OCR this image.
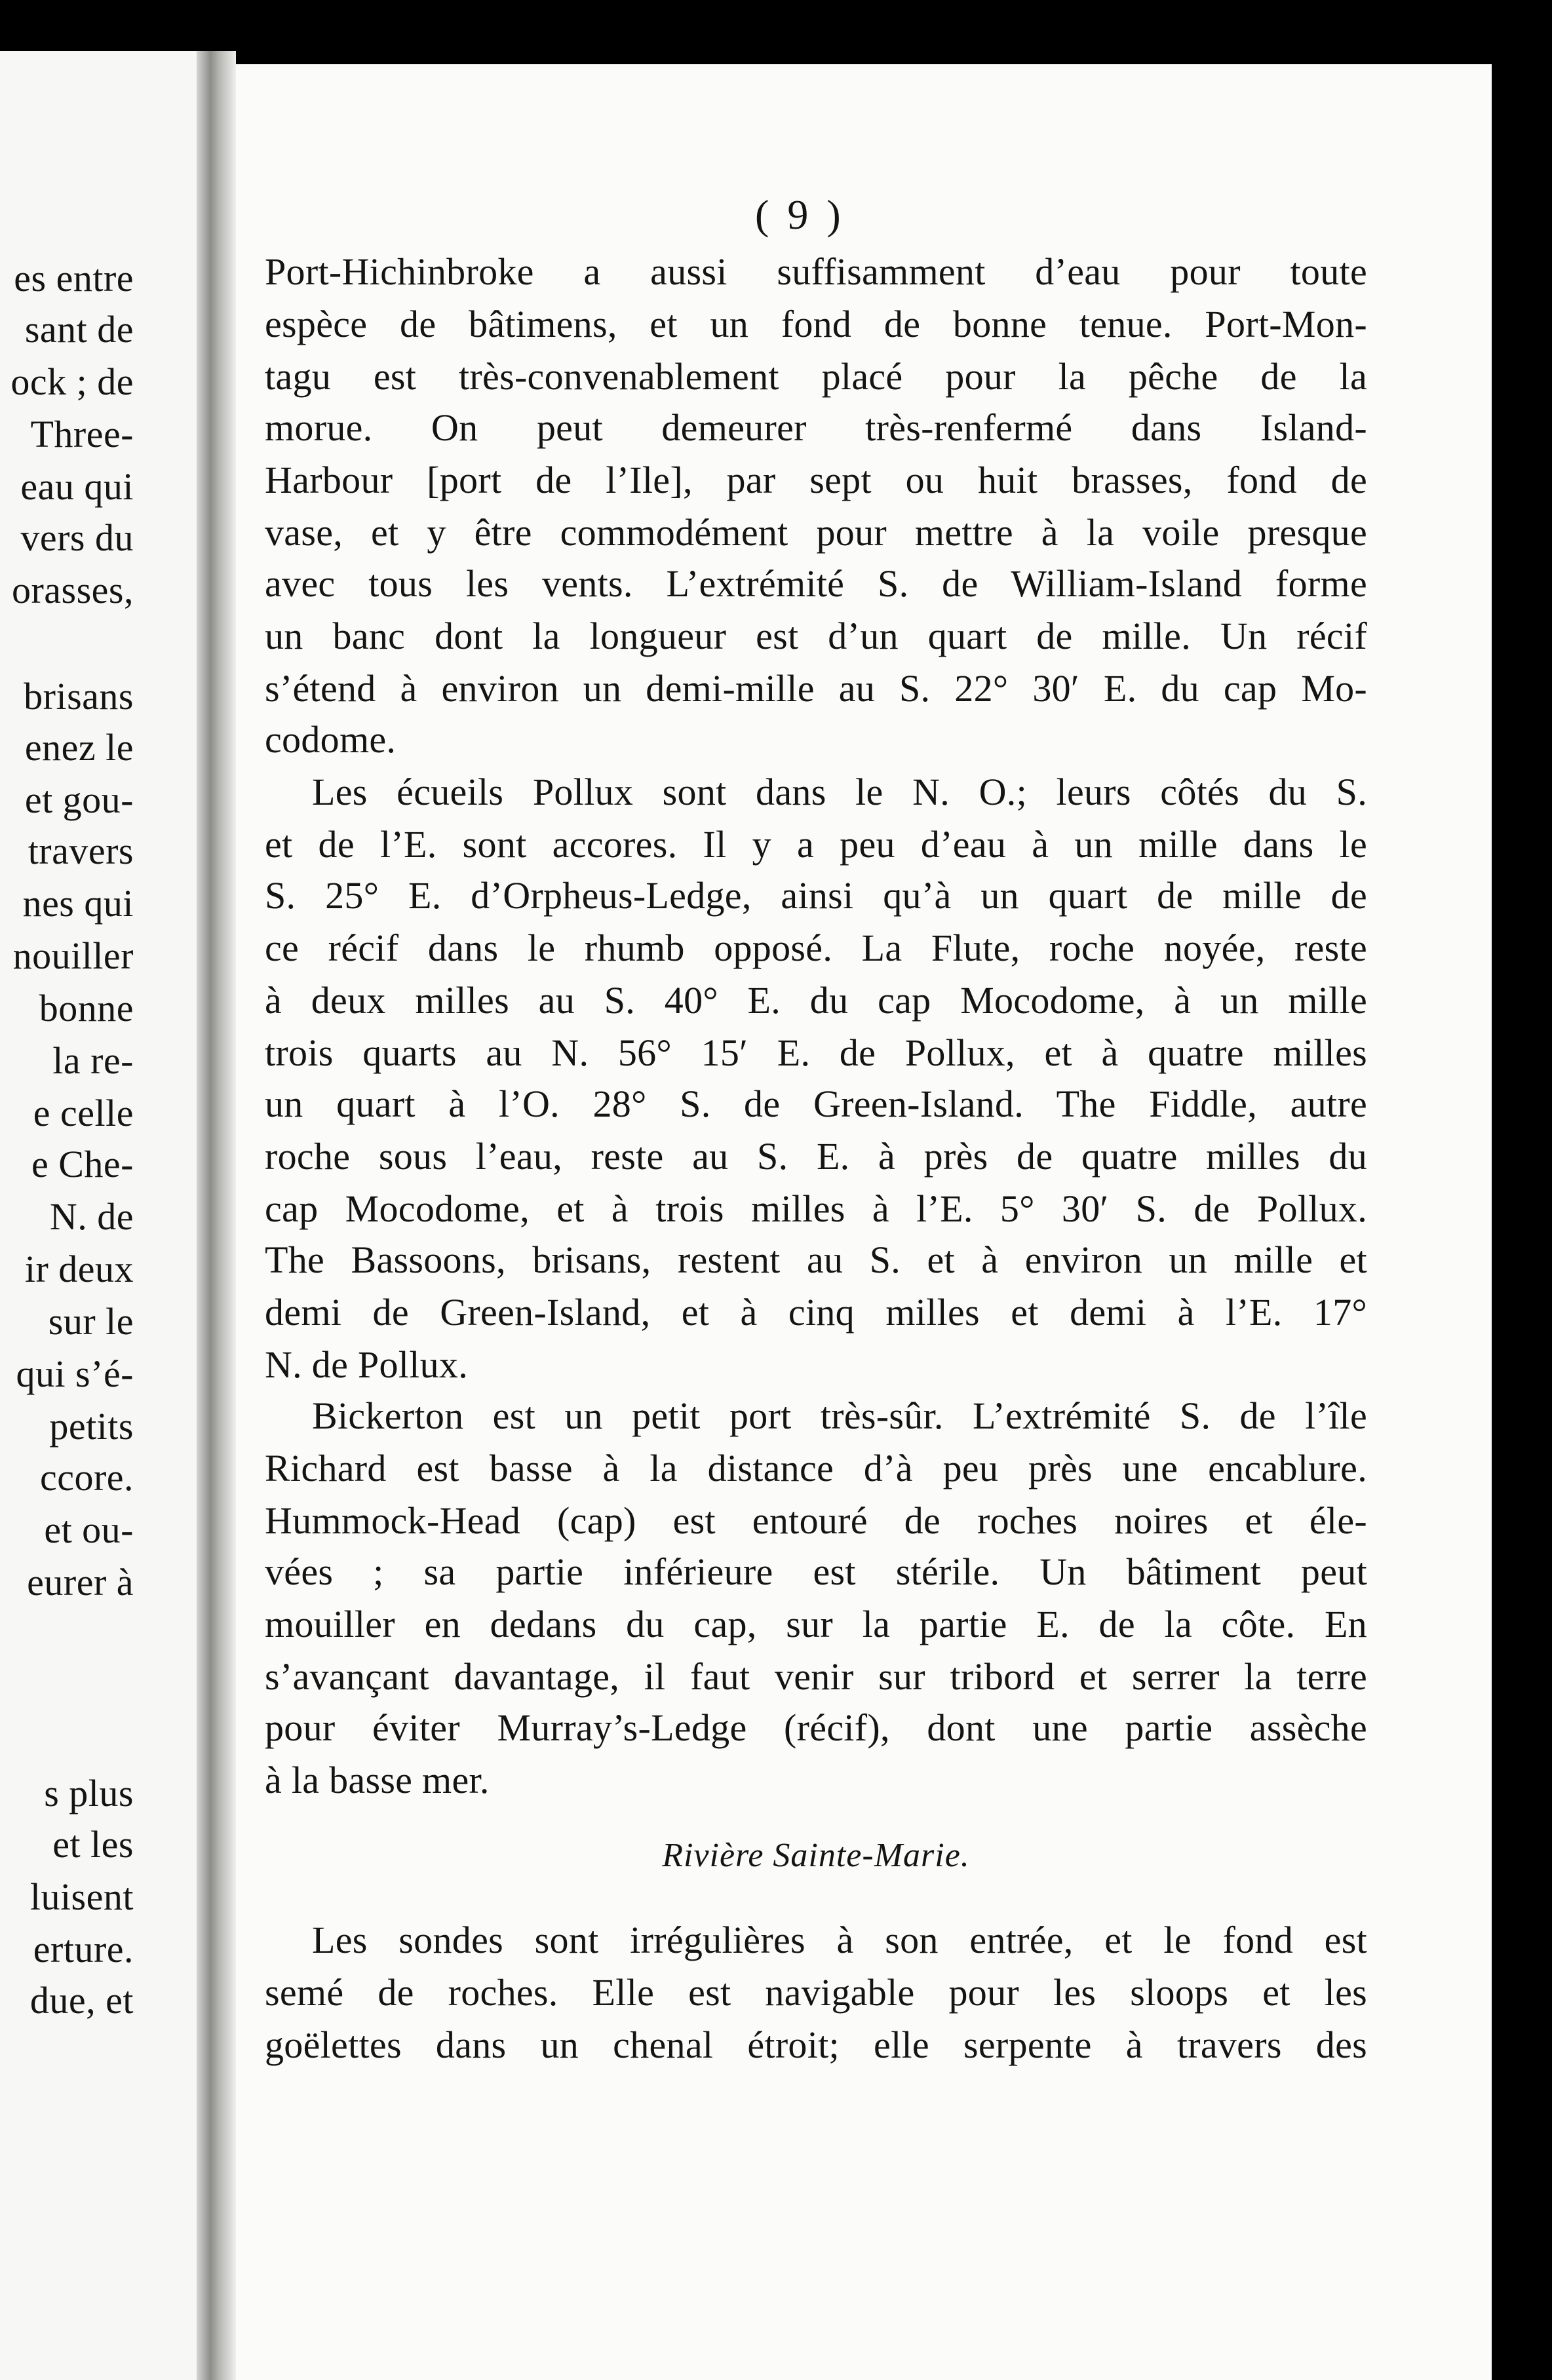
es entre
sant de
ock ; de
Three-
eau qui
vers du
orasses,
brisans
enez le
et gou-
travers
nes qui
nouiller
bonne
la re-
e celle
e Che-
N. de
ir deux
sur le
qui s’é-
petits
ccore.
et ou-
eurer à
s plus
et les
luisent
erture.
due, et
( 9 )
Port-Hichinbroke a aussi suffisamment d’eau pour toute
espèce de bâtimens, et un fond de bonne tenue. Port-Mon-
tagu est très-convenablement placé pour la pêche de la
morue. On peut demeurer très-renfermé dans Island-
Harbour [port de l’Ile], par sept ou huit brasses, fond de
vase, et y être commodément pour mettre à la voile presque
avec tous les vents. L’extrémité S. de William-Island forme
un banc dont la longueur est d’un quart de mille. Un récif
s’étend à environ un demi-mille au S. 22° 30′ E. du cap Mo-
codome.
Les écueils Pollux sont dans le N. O.; leurs côtés du S.
et de l’E. sont accores. Il y a peu d’eau à un mille dans le
S. 25° E. d’Orpheus-Ledge, ainsi qu’à un quart de mille de
ce récif dans le rhumb opposé. La Flute, roche noyée, reste
à deux milles au S. 40° E. du cap Mocodome, à un mille
trois quarts au N. 56° 15′ E. de Pollux, et à quatre milles
un quart à l’O. 28° S. de Green-Island. The Fiddle, autre
roche sous l’eau, reste au S. E. à près de quatre milles du
cap Mocodome, et à trois milles à l’E. 5° 30′ S. de Pollux.
The Bassoons, brisans, restent au S. et à environ un mille et
demi de Green-Island, et à cinq milles et demi à l’E. 17°
N. de Pollux.
Bickerton est un petit port très-sûr. L’extrémité S. de l’île
Richard est basse à la distance d’à peu près une encablure.
Hummock-Head (cap) est entouré de roches noires et éle-
vées ; sa partie inférieure est stérile. Un bâtiment peut
mouiller en dedans du cap, sur la partie E. de la côte. En
s’avançant davantage, il faut venir sur tribord et serrer la terre
pour éviter Murray’s-Ledge (récif), dont une partie assèche
à la basse mer.
Rivière Sainte-Marie.
Les sondes sont irrégulières à son entrée, et le fond est
semé de roches. Elle est navigable pour les sloops et les
goëlettes dans un chenal étroit; elle serpente à travers des
